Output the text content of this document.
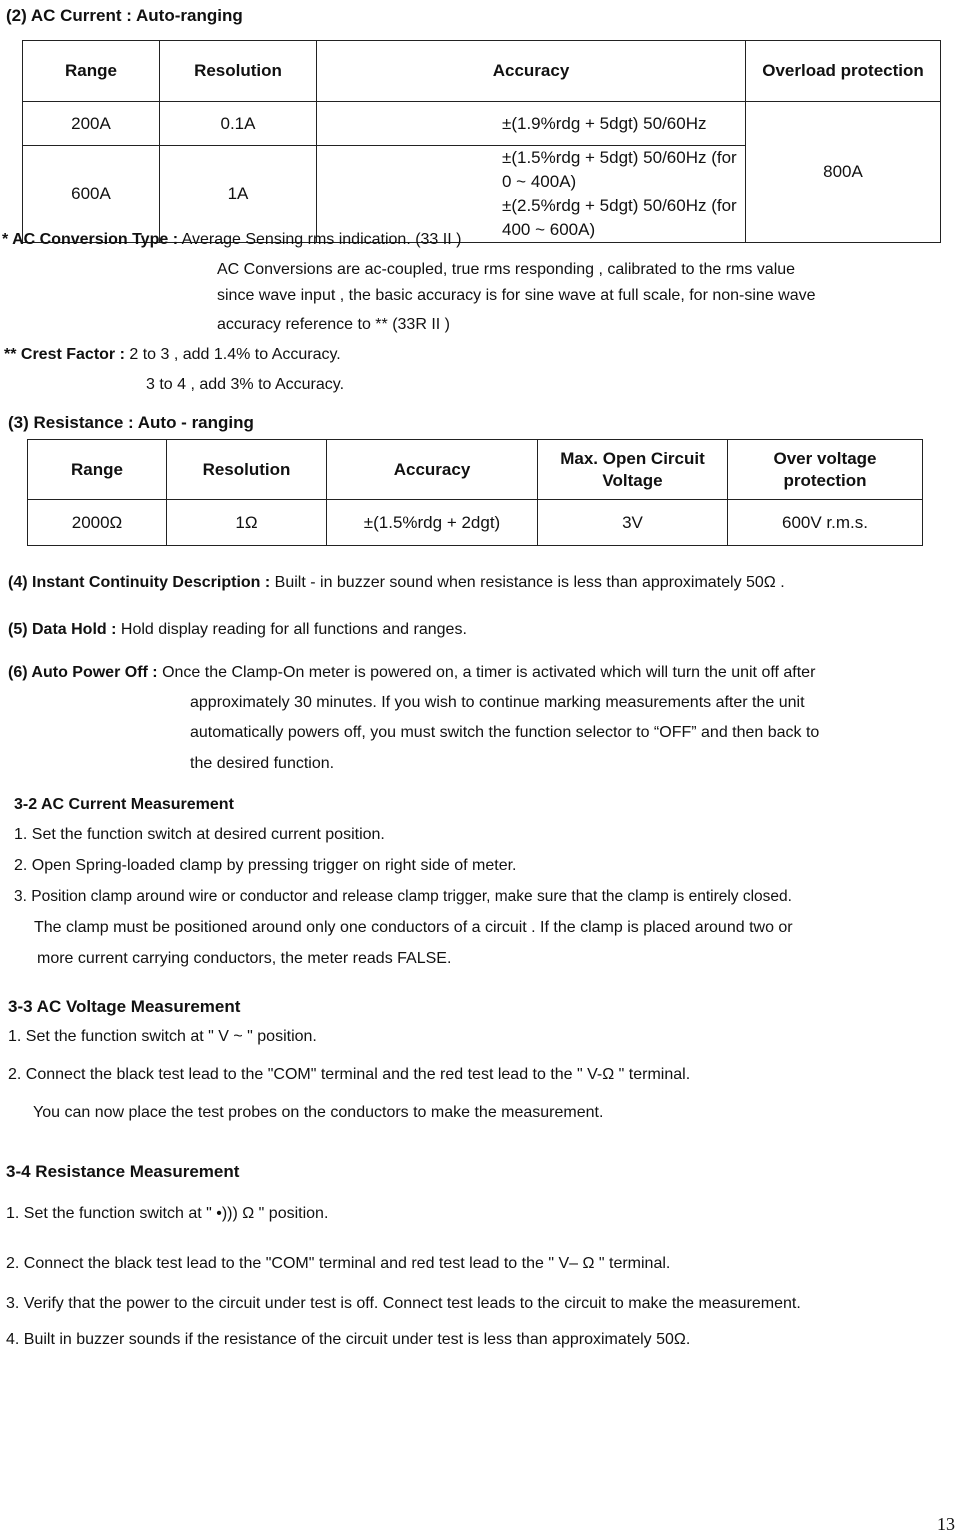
(2) AC Current : Auto-ranging
Range	Resolution	Accuracy	Overload protection
200A	0.1A	±(1.9%rdg + 5dgt) 50/60Hz	800A
600A	1A	±(1.5%rdg + 5dgt) 50/60Hz (for 0 ~ 400A)
±(2.5%rdg + 5dgt) 50/60Hz (for 400 ~ 600A)	
* AC Conversion Type : Average Sensing rms indication. (33 II )
AC Conversions are ac-coupled, true rms responding , calibrated to the rms value
since wave input , the basic accuracy is for sine wave at full scale, for non-sine wave
accuracy reference to ** (33R II )
** Crest Factor : 2 to 3 , add 1.4% to Accuracy.
3 to 4 , add 3% to Accuracy.
(3) Resistance : Auto - ranging
Range	Resolution	Accuracy	Max. Open Circuit Voltage	Over voltage protection
2000Ω	1Ω	±(1.5%rdg + 2dgt)	3V	600V r.m.s.
(4) Instant Continuity Description : Built - in buzzer sound when resistance is less than approximately 50Ω .
(5) Data Hold : Hold display reading for all functions and ranges.
(6) Auto Power Off : Once the Clamp-On meter is powered on, a timer is activated which will turn the unit off after
approximately 30 minutes. If you wish to continue marking measurements after the unit
automatically powers off, you must switch the function selector to “OFF” and then back to
the desired function.
3-2 AC Current Measurement
1. Set the function switch at desired current position.
2. Open Spring-loaded clamp by pressing trigger on right side of meter.
3. Position clamp around wire or conductor and release clamp trigger, make sure that the clamp is entirely closed.
The clamp must be positioned around only one conductors of a circuit . If the clamp is placed around two or
more current carrying conductors, the meter reads FALSE.
3-3 AC Voltage Measurement
1. Set the function switch at " V ~ " position.
2. Connect the black test lead to the "COM" terminal and the red test lead to the " V-Ω " terminal.
You can now place the test probes on the conductors to make the measurement.
3-4 Resistance Measurement
1. Set the function switch at " •))) Ω " position.
2. Connect the black test lead to the "COM" terminal and red test lead to the " V– Ω " terminal.
3. Verify that the power to the circuit under test is off. Connect test leads to the circuit to make the measurement.
4. Built in buzzer sounds if the resistance of the circuit under test is less than approximately 50Ω.
13
